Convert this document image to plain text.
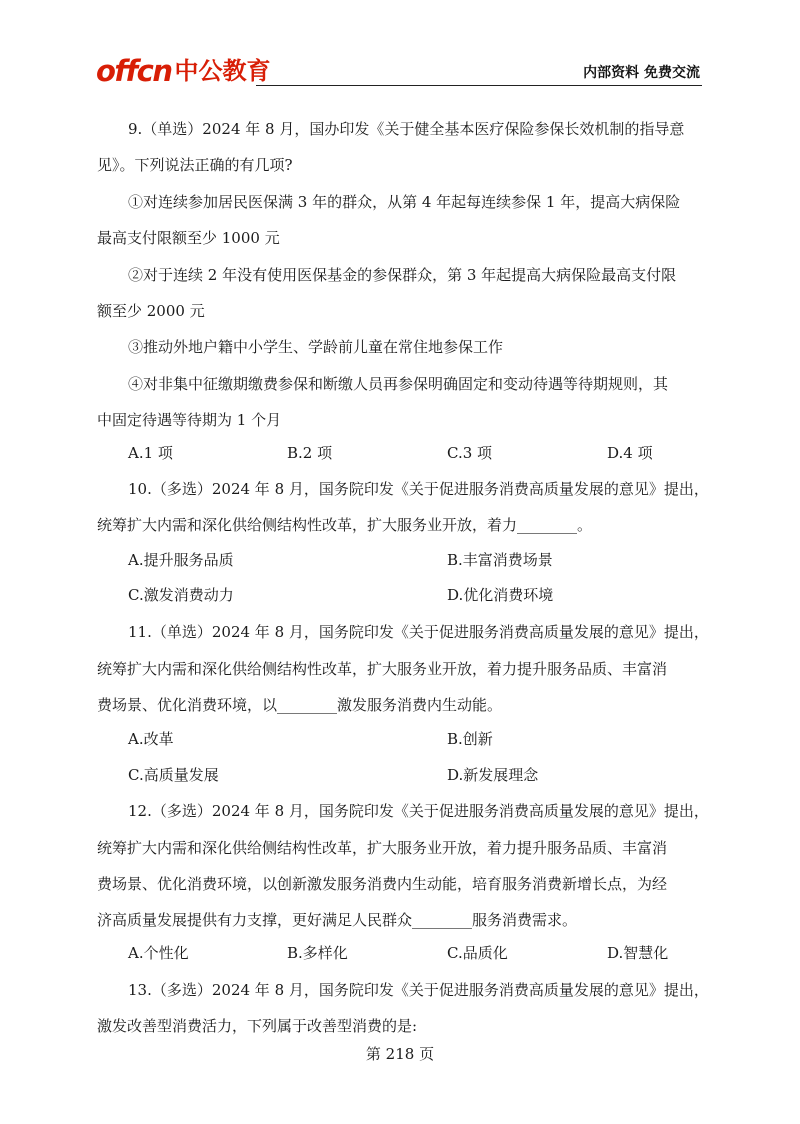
offcn 中公教育	内部资料 免费交流
9.（单选）2024 年 8 月，国办印发《关于健全基本医疗保险参保长效机制的指导意
见》。下列说法正确的有几项?
①对连续参加居民医保满 3 年的群众，从第 4 年起每连续参保 1 年，提高大病保险
最高支付限额至少 1000 元
②对于连续 2 年没有使用医保基金的参保群众，第 3 年起提高大病保险最高支付限
额至少 2000 元
③推动外地户籍中小学生、学龄前儿童在常住地参保工作
④对非集中征缴期缴费参保和断缴人员再参保明确固定和变动待遇等待期规则，其
中固定待遇等待期为 1 个月
A.1 项	B.2 项	C.3 项	D.4 项
10.（多选）2024 年 8 月，国务院印发《关于促进服务消费高质量发展的意见》提出，
统筹扩大内需和深化供给侧结构性改革，扩大服务业开放，着力________。
A.提升服务品质	B.丰富消费场景
C.激发消费动力	D.优化消费环境
11.（单选）2024 年 8 月，国务院印发《关于促进服务消费高质量发展的意见》提出，
统筹扩大内需和深化供给侧结构性改革，扩大服务业开放，着力提升服务品质、丰富消
费场景、优化消费环境，以________激发服务消费内生动能。
A.改革	B.创新
C.高质量发展	D.新发展理念
12.（多选）2024 年 8 月，国务院印发《关于促进服务消费高质量发展的意见》提出，
统筹扩大内需和深化供给侧结构性改革，扩大服务业开放，着力提升服务品质、丰富消
费场景、优化消费环境，以创新激发服务消费内生动能，培育服务消费新增长点，为经
济高质量发展提供有力支撑，更好满足人民群众________服务消费需求。
A.个性化	B.多样化	C.品质化	D.智慧化
13.（多选）2024 年 8 月，国务院印发《关于促进服务消费高质量发展的意见》提出，
激发改善型消费活力，下列属于改善型消费的是:
第 218 页
